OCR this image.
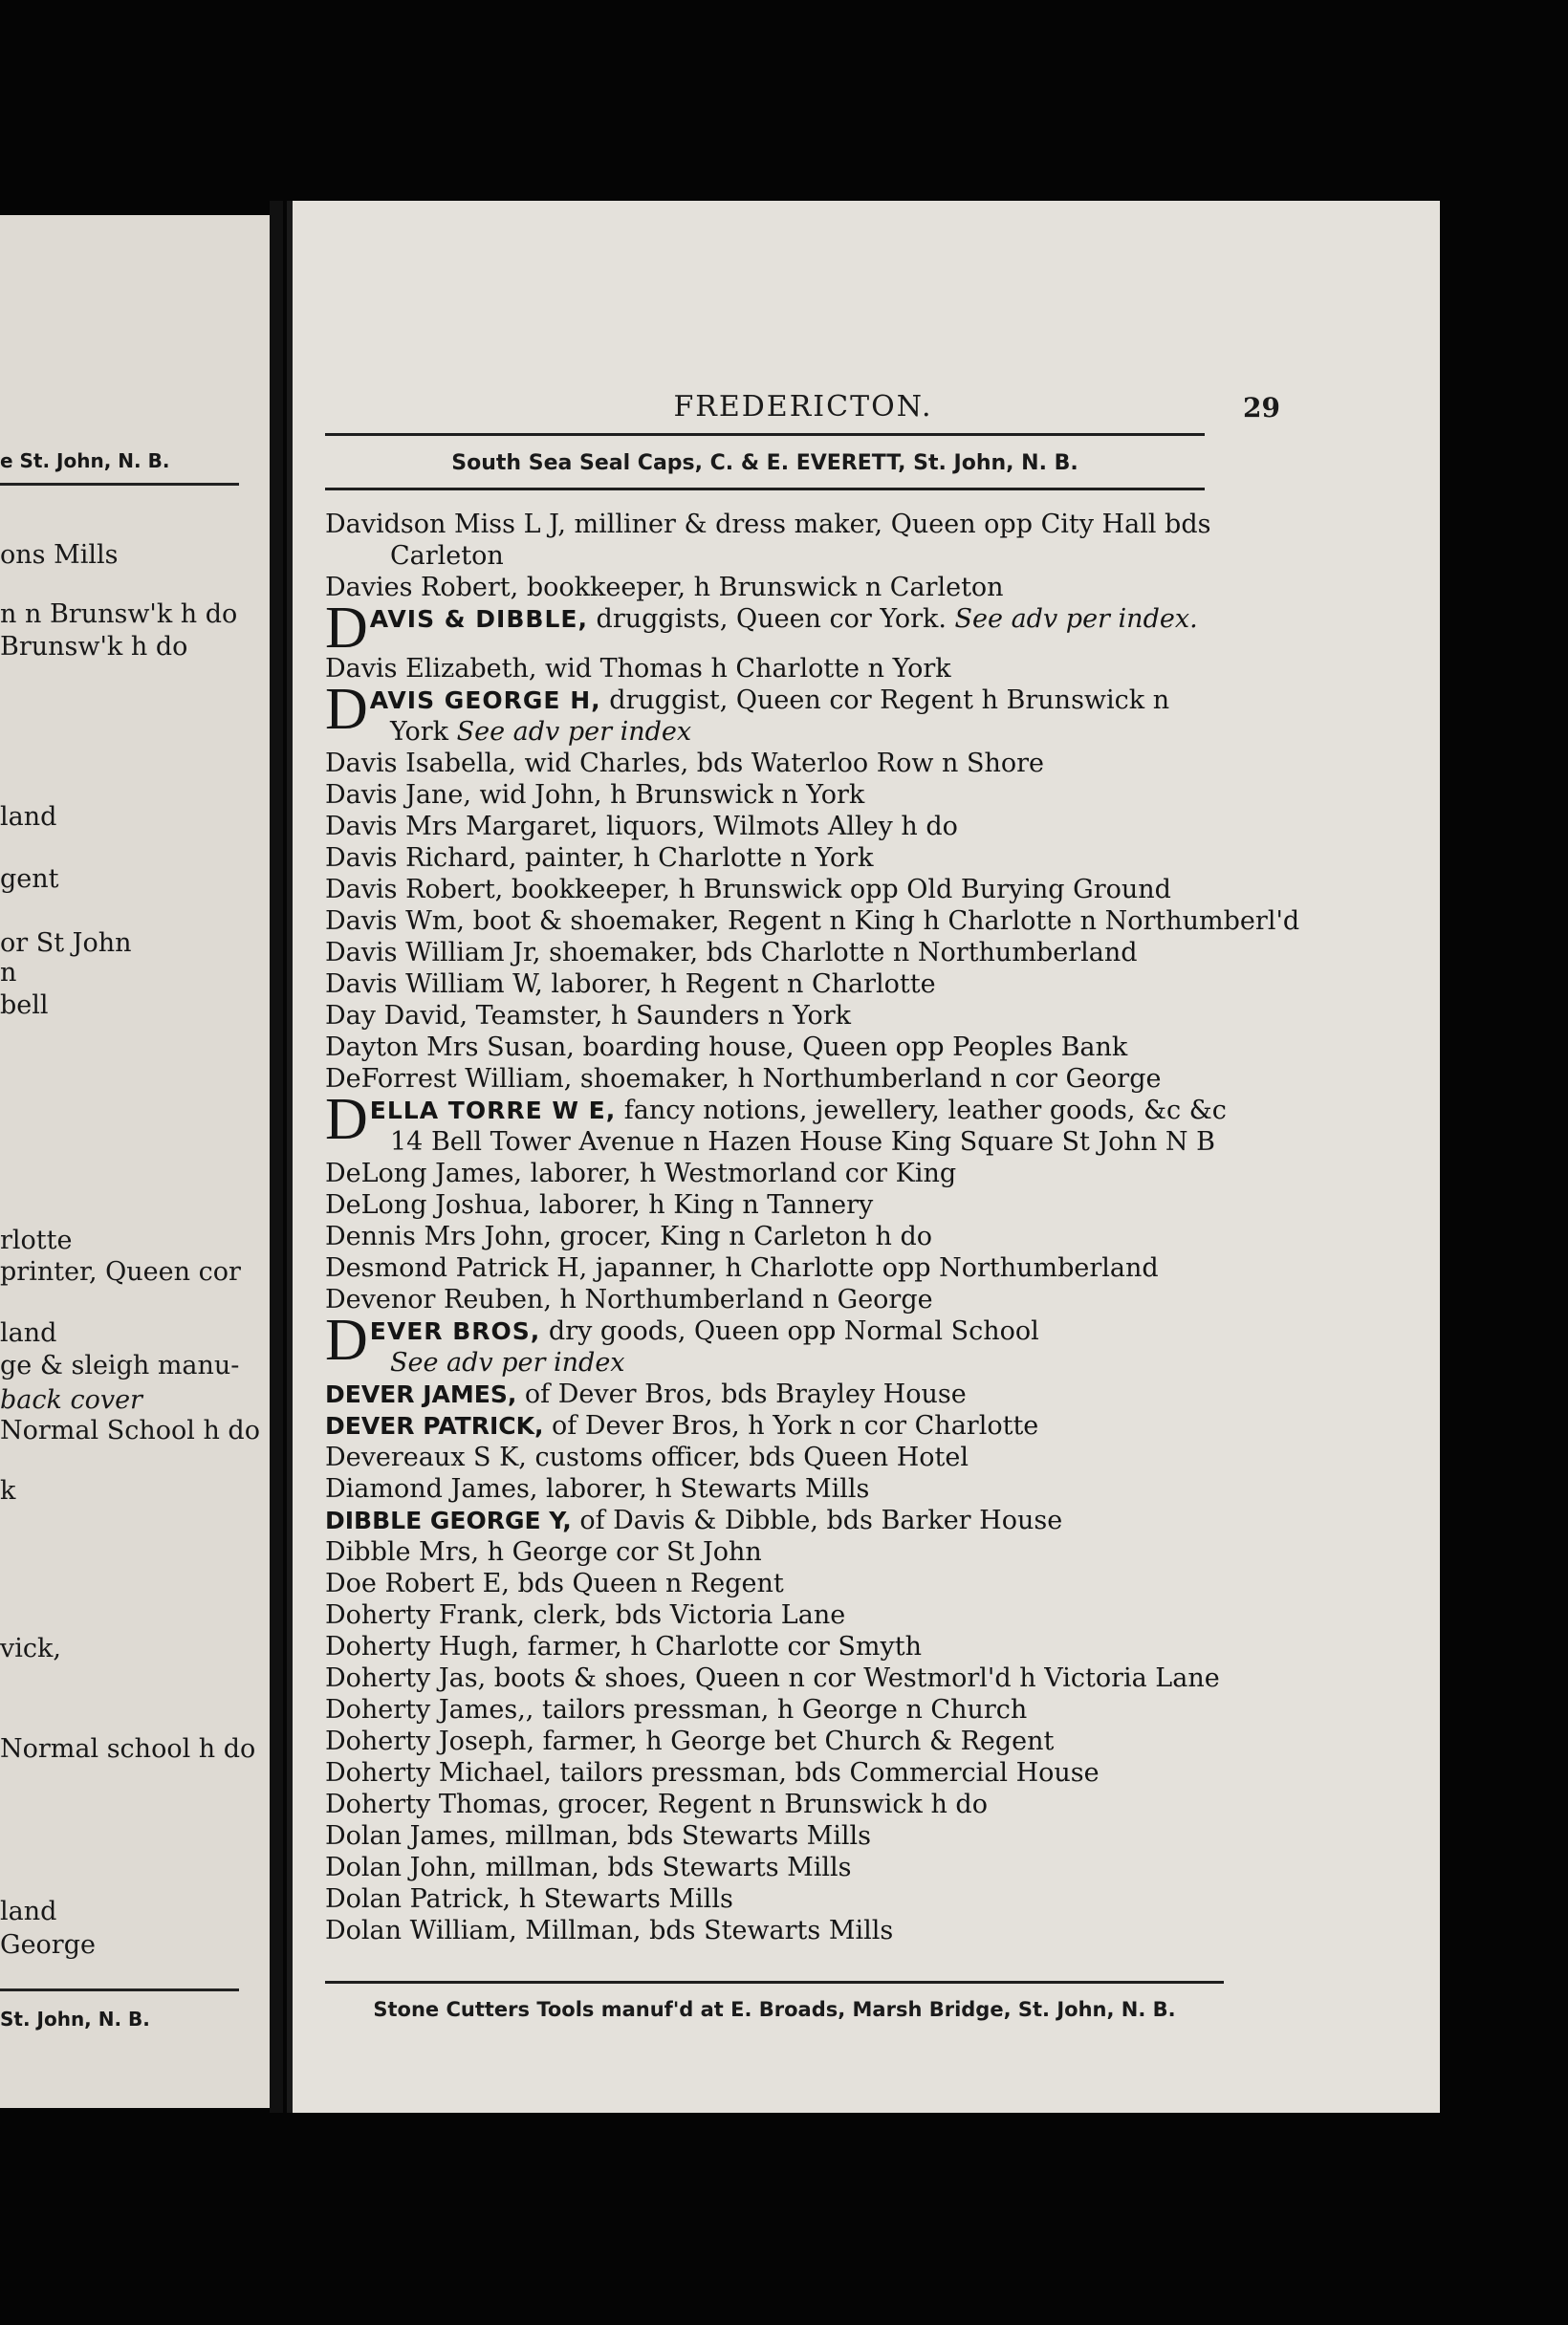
e St. John, N. B.
ons Mills
n n Brunsw'k h do
Brunsw'k h do
land
gent
or St John
n
bell
rlotte
printer, Queen cor
land
ge & sleigh manu-
back cover
Normal School h do
k
vick,
Normal school h do
land
George
St. John, N. B.
FREDERICTON.	29
South Sea Seal Caps, C. & E. EVERETT, St. John, N. B.
Davidson Miss L J, milliner & dress maker, Queen opp City Hall bds
Carleton
Davies Robert, bookkeeper, h Brunswick n Carleton
DAVIS & DIBBLE, druggists, Queen cor York. See adv per index.
Davis Elizabeth, wid Thomas h Charlotte n York
DAVIS GEORGE H, druggist, Queen cor Regent h Brunswick n
York See adv per index
Davis Isabella, wid Charles, bds Waterloo Row n Shore
Davis Jane, wid John, h Brunswick n York
Davis Mrs Margaret, liquors, Wilmots Alley h do
Davis Richard, painter, h Charlotte n York
Davis Robert, bookkeeper, h Brunswick opp Old Burying Ground
Davis Wm, boot & shoemaker, Regent n King h Charlotte n Northumberl'd
Davis William Jr, shoemaker, bds Charlotte n Northumberland
Davis William W, laborer, h Regent n Charlotte
Day David, Teamster, h Saunders n York
Dayton Mrs Susan, boarding house, Queen opp Peoples Bank
DeForrest William, shoemaker, h Northumberland n cor George
DELLA TORRE W E, fancy notions, jewellery, leather goods, &c &c
14 Bell Tower Avenue n Hazen House King Square St John N B
DeLong James, laborer, h Westmorland cor King
DeLong Joshua, laborer, h King n Tannery
Dennis Mrs John, grocer, King n Carleton h do
Desmond Patrick H, japanner, h Charlotte opp Northumberland
Devenor Reuben, h Northumberland n George
DEVER BROS, dry goods, Queen opp Normal School
See adv per index
DEVER JAMES, of Dever Bros, bds Brayley House
DEVER PATRICK, of Dever Bros, h York n cor Charlotte
Devereaux S K, customs officer, bds Queen Hotel
Diamond James, laborer, h Stewarts Mills
DIBBLE GEORGE Y, of Davis & Dibble, bds Barker House
Dibble Mrs, h George cor St John
Doe Robert E, bds Queen n Regent
Doherty Frank, clerk, bds Victoria Lane
Doherty Hugh, farmer, h Charlotte cor Smyth
Doherty Jas, boots & shoes, Queen n cor Westmorl'd h Victoria Lane
Doherty James,, tailors pressman, h George n Church
Doherty Joseph, farmer, h George bet Church & Regent
Doherty Michael, tailors pressman, bds Commercial House
Doherty Thomas, grocer, Regent n Brunswick h do
Dolan James, millman, bds Stewarts Mills
Dolan John, millman, bds Stewarts Mills
Dolan Patrick, h Stewarts Mills
Dolan William, Millman, bds Stewarts Mills
Stone Cutters Tools manuf'd at E. Broads, Marsh Bridge, St. John, N. B.
